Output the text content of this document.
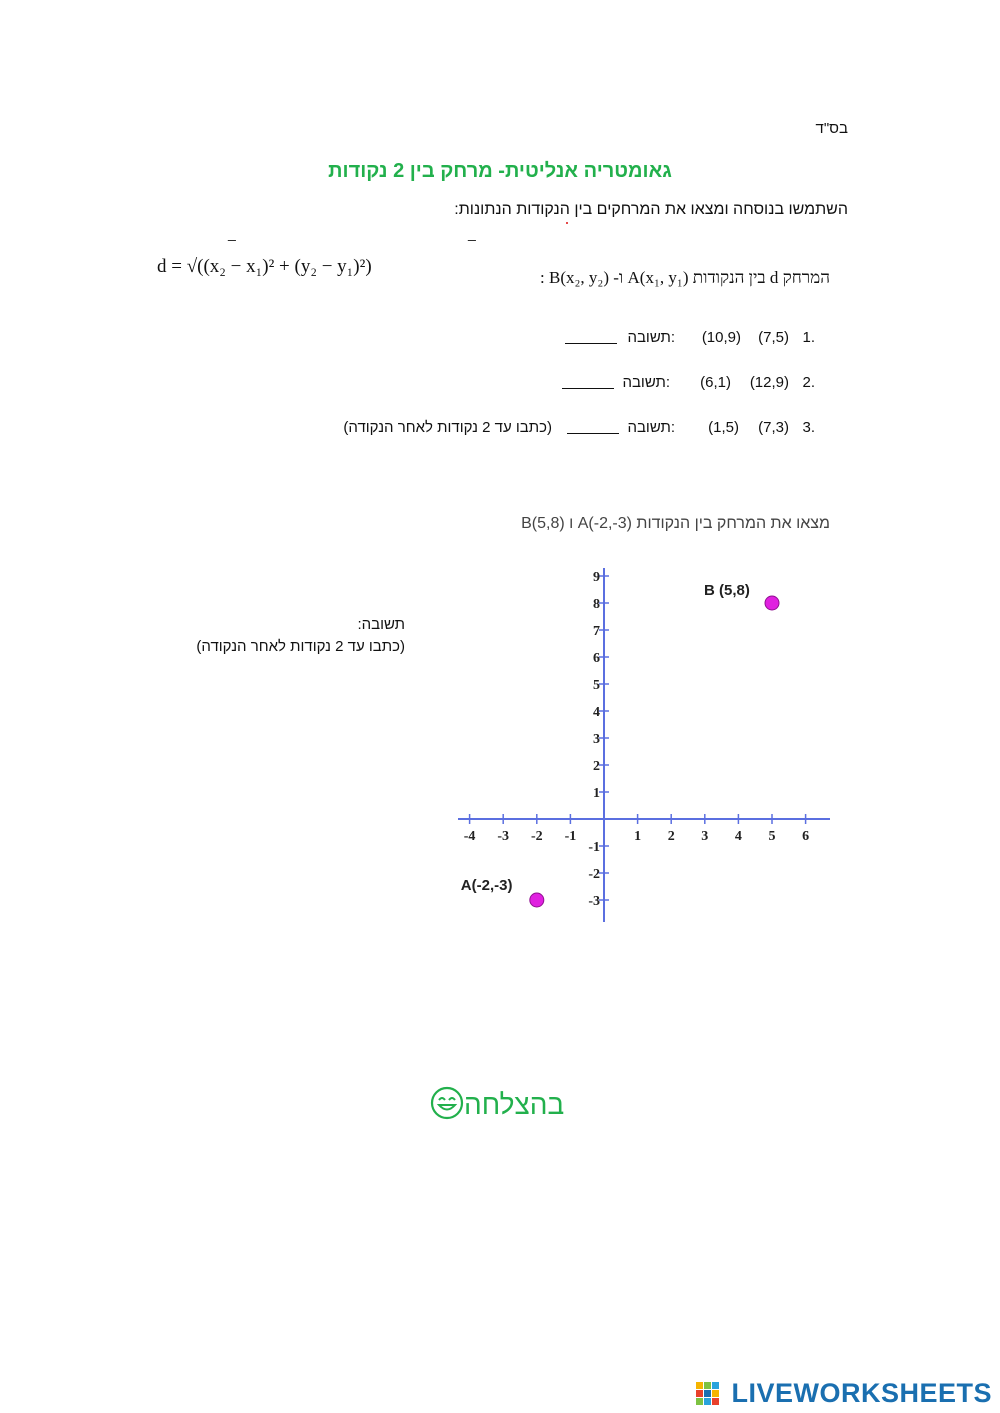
בס"ד
גאומטריה אנליטית- מרחק בין 2 נקודות
השתמשו בנוסחה ומצאו את המרחקים בין הנקודות הנתונות:
_	_
d = √((x₂ − x₁)² + (y₂ − y₁)²)
המרחק d בין הנקודות A(x₁, y₁) ו- B(x₂, y₂) :
1.
(7,5)
(10,9)
תשובה:
2.
(12,9)
(6,1)
תשובה:
3.
(7,3)
(1,5)
תשובה:
(כתבו עד 2 נקודות לאחר הנקודה)
מצאו את המרחק בין הנקודות (A(-2,-3 ו B(5,8)
תשובה:
(כתבו עד 2 נקודות לאחר הנקודה)
-4 -3 -2 -1	1 2 3 4 5 6
9
8
7
6
5
4
3
2
1
-1
-2
-3
B (5,8)
A(-2,-3)
בהצלחה
LIVEWORKSHEETS
